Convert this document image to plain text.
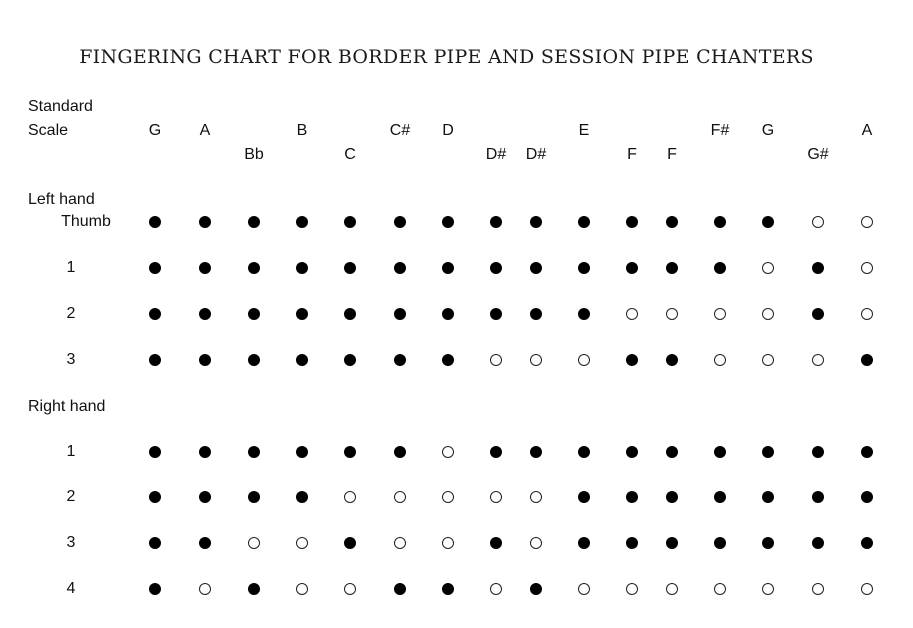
FINGERING CHART FOR BORDER PIPE AND SESSION PIPE CHANTERS
Standard
Scale
Left hand
Right hand
G A
Bb
B
C
C# D
D# D#
E
F F
F# G
G#
A
Thumb
1
2
3
1
2
3
4
